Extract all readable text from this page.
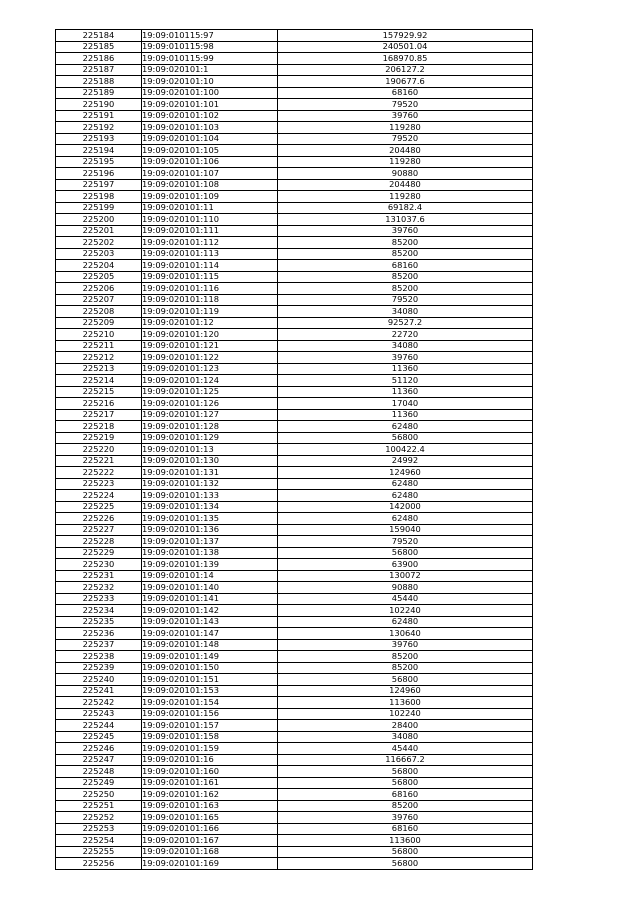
225184	19:09:010115:97	157929.92
225185	19:09:010115:98	240501.04
225186	19:09:010115:99	168970.85
225187	19:09:020101:1	206127.2
225188	19:09:020101:10	190677.6
225189	19:09:020101:100	68160
225190	19:09:020101:101	79520
225191	19:09:020101:102	39760
225192	19:09:020101:103	119280
225193	19:09:020101:104	79520
225194	19:09:020101:105	204480
225195	19:09:020101:106	119280
225196	19:09:020101:107	90880
225197	19:09:020101:108	204480
225198	19:09:020101:109	119280
225199	19:09:020101:11	69182.4
225200	19:09:020101:110	131037.6
225201	19:09:020101:111	39760
225202	19:09:020101:112	85200
225203	19:09:020101:113	85200
225204	19:09:020101:114	68160
225205	19:09:020101:115	85200
225206	19:09:020101:116	85200
225207	19:09:020101:118	79520
225208	19:09:020101:119	34080
225209	19:09:020101:12	92527.2
225210	19:09:020101:120	22720
225211	19:09:020101:121	34080
225212	19:09:020101:122	39760
225213	19:09:020101:123	11360
225214	19:09:020101:124	51120
225215	19:09:020101:125	11360
225216	19:09:020101:126	17040
225217	19:09:020101:127	11360
225218	19:09:020101:128	62480
225219	19:09:020101:129	56800
225220	19:09:020101:13	100422.4
225221	19:09:020101:130	24992
225222	19:09:020101:131	124960
225223	19:09:020101:132	62480
225224	19:09:020101:133	62480
225225	19:09:020101:134	142000
225226	19:09:020101:135	62480
225227	19:09:020101:136	159040
225228	19:09:020101:137	79520
225229	19:09:020101:138	56800
225230	19:09:020101:139	63900
225231	19:09:020101:14	130072
225232	19:09:020101:140	90880
225233	19:09:020101:141	45440
225234	19:09:020101:142	102240
225235	19:09:020101:143	62480
225236	19:09:020101:147	130640
225237	19:09:020101:148	39760
225238	19:09:020101:149	85200
225239	19:09:020101:150	85200
225240	19:09:020101:151	56800
225241	19:09:020101:153	124960
225242	19:09:020101:154	113600
225243	19:09:020101:156	102240
225244	19:09:020101:157	28400
225245	19:09:020101:158	34080
225246	19:09:020101:159	45440
225247	19:09:020101:16	116667.2
225248	19:09:020101:160	56800
225249	19:09:020101:161	56800
225250	19:09:020101:162	68160
225251	19:09:020101:163	85200
225252	19:09:020101:165	39760
225253	19:09:020101:166	68160
225254	19:09:020101:167	113600
225255	19:09:020101:168	56800
225256	19:09:020101:169	56800
